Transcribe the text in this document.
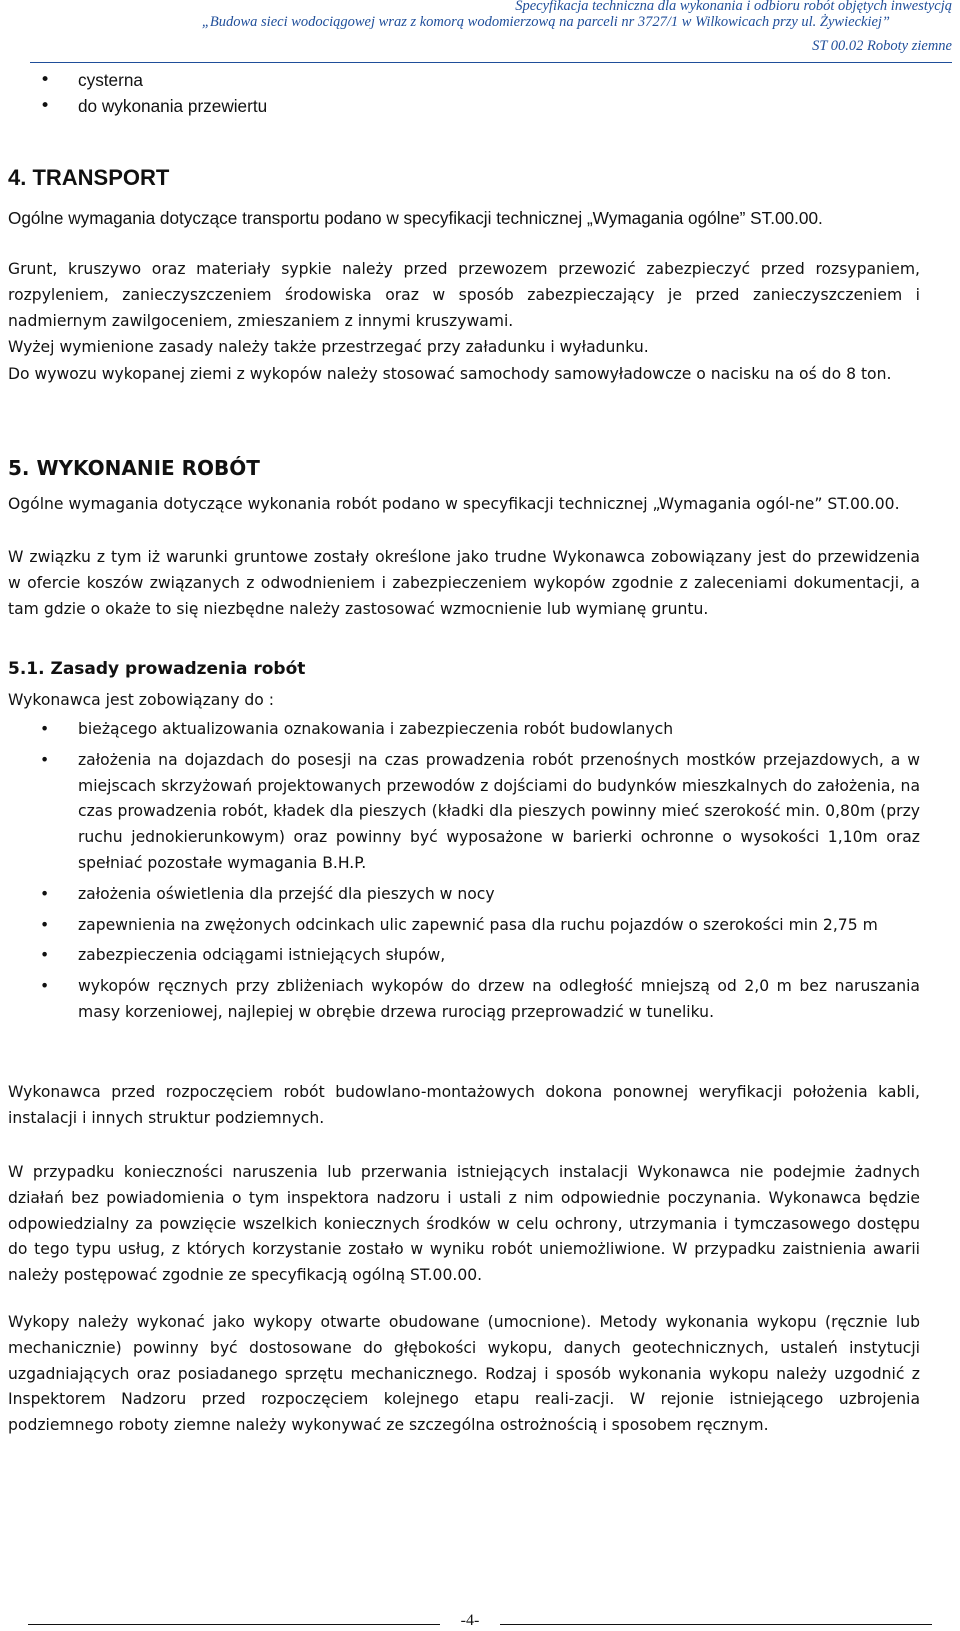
Specyfikacja techniczna dla wykonania i odbioru robót objętych inwestycją
„Budowa sieci wodociągowej wraz z komorą wodomierzową na parceli nr 3727/1 w Wilkowicach przy ul. Żywieckiej”
ST 00.02 Roboty ziemne
• cysterna
• do wykonania przewiertu
4. TRANSPORT
Ogólne wymagania dotyczące transportu podano w specyfikacji technicznej „Wymagania ogólne” ST.00.00.
Grunt, kruszywo oraz materiały sypkie należy przed przewozem przewozić zabezpieczyć przed rozsypaniem, rozpyleniem, zanieczyszczeniem środowiska oraz w sposób zabezpieczający je przed zanieczyszczeniem i nadmiernym zawilgoceniem, zmieszaniem z innymi kruszywami.
Wyżej wymienione zasady należy także przestrzegać przy załadunku i wyładunku.
Do wywozu wykopanej ziemi z wykopów należy stosować samochody samowyładowcze o nacisku na oś do 8 ton.
5. WYKONANIE ROBÓT
Ogólne wymagania dotyczące wykonania robót podano w specyfikacji technicznej „Wymagania ogól-ne” ST.00.00.
W związku z tym iż warunki gruntowe zostały określone jako trudne Wykonawca zobowiązany jest do przewidzenia w ofercie koszów związanych z odwodnieniem i zabezpieczeniem wykopów zgodnie z zaleceniami dokumentacji, a tam gdzie o okaże to się niezbędne należy zastosować wzmocnienie lub wymianę gruntu.
5.1. Zasady prowadzenia robót
Wykonawca jest zobowiązany do :
• bieżącego aktualizowania oznakowania i zabezpieczenia robót budowlanych
• założenia na dojazdach do posesji na czas prowadzenia robót przenośnych mostków przejazdowych, a w miejscach skrzyżowań projektowanych przewodów z dojściami do budynków mieszkalnych do założenia, na czas prowadzenia robót, kładek dla pieszych (kładki dla pieszych powinny mieć szerokość min. 0,80m (przy ruchu jednokierunkowym) oraz powinny być wyposażone w barierki ochronne o wysokości 1,10m oraz spełniać pozostałe wymagania B.H.P.
• założenia oświetlenia dla przejść dla pieszych w nocy
• zapewnienia na zwężonych odcinkach ulic zapewnić pasa dla ruchu pojazdów o szerokości min 2,75 m
• zabezpieczenia odciągami istniejących słupów,
• wykopów ręcznych przy zbliżeniach wykopów do drzew na odległość mniejszą od 2,0 m bez naruszania masy korzeniowej, najlepiej w obrębie drzewa rurociąg przeprowadzić w tuneliku.
Wykonawca przed rozpoczęciem robót budowlano-montażowych dokona ponownej weryfikacji położenia kabli, instalacji i innych struktur podziemnych.
W przypadku konieczności naruszenia lub przerwania istniejących instalacji Wykonawca nie podejmie żadnych działań bez powiadomienia o tym inspektora nadzoru i ustali z nim odpowiednie poczynania. Wykonawca będzie odpowiedzialny za powzięcie wszelkich koniecznych środków w celu ochrony, utrzymania i tymczasowego dostępu do tego typu usług, z których korzystanie zostało w wyniku robót uniemożliwione. W przypadku zaistnienia awarii należy postępować zgodnie ze specyfikacją ogólną ST.00.00.
Wykopy należy wykonać jako wykopy otwarte obudowane (umocnione). Metody wykonania wykopu (ręcznie lub mechanicznie) powinny być dostosowane do głębokości wykopu, danych geotechnicznych, ustaleń instytucji uzgadniających oraz posiadanego sprzętu mechanicznego. Rodzaj i sposób wykonania wykopu należy uzgodnić z Inspektorem Nadzoru przed rozpoczęciem kolejnego etapu reali-zacji. W rejonie istniejącego uzbrojenia podziemnego roboty ziemne należy wykonywać ze szczególna ostrożnością i sposobem ręcznym.
-4-
